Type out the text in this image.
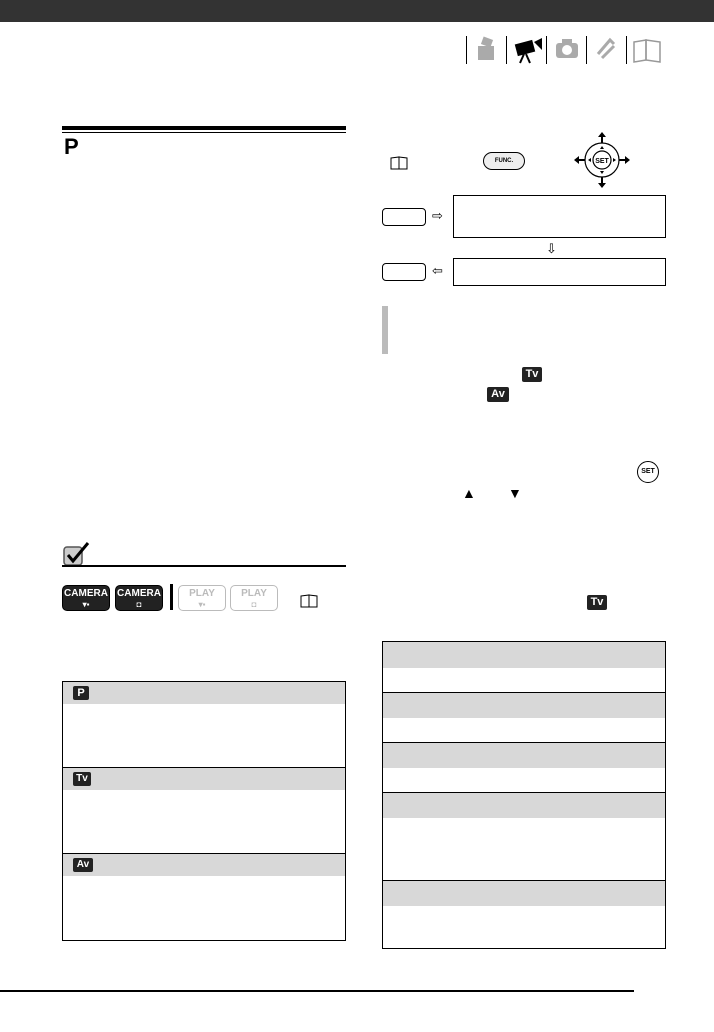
P
CAMERA
▾▪
CAMERA
◘
PLAY
▾▪
PLAY
◘
P
Tv
Av
FUNC.	SET
⇨
⇩
⇦
Tv
Av
SET
▲ ▼
Tv
